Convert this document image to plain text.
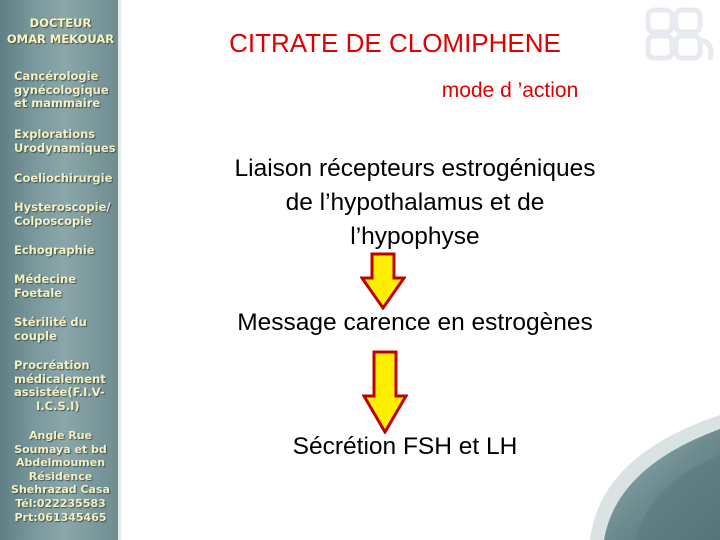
DOCTEUR
OMAR MEKOUAR
Cancérologie
gynécologique
et mammaire
Explorations
Urodynamiques
Coeliochirurgie
Hysteroscopie/
Colposcopie
Echographie
Médecine
Foetale
Stérilité du
couple
Procréation
médicalement
assistée(F.I.V-
I.C.S.I)
Angle Rue
Soumaya et bd
Abdelmoumen
Résidence
Shehrazad Casa
Tél:022235583
Prt:061345465
CITRATE DE CLOMIPHENE
mode d ’action
Liaison récepteurs estrogéniques
de l’hypothalamus et de
l’hypophyse
Message carence en estrogènes
Sécrétion FSH et LH
